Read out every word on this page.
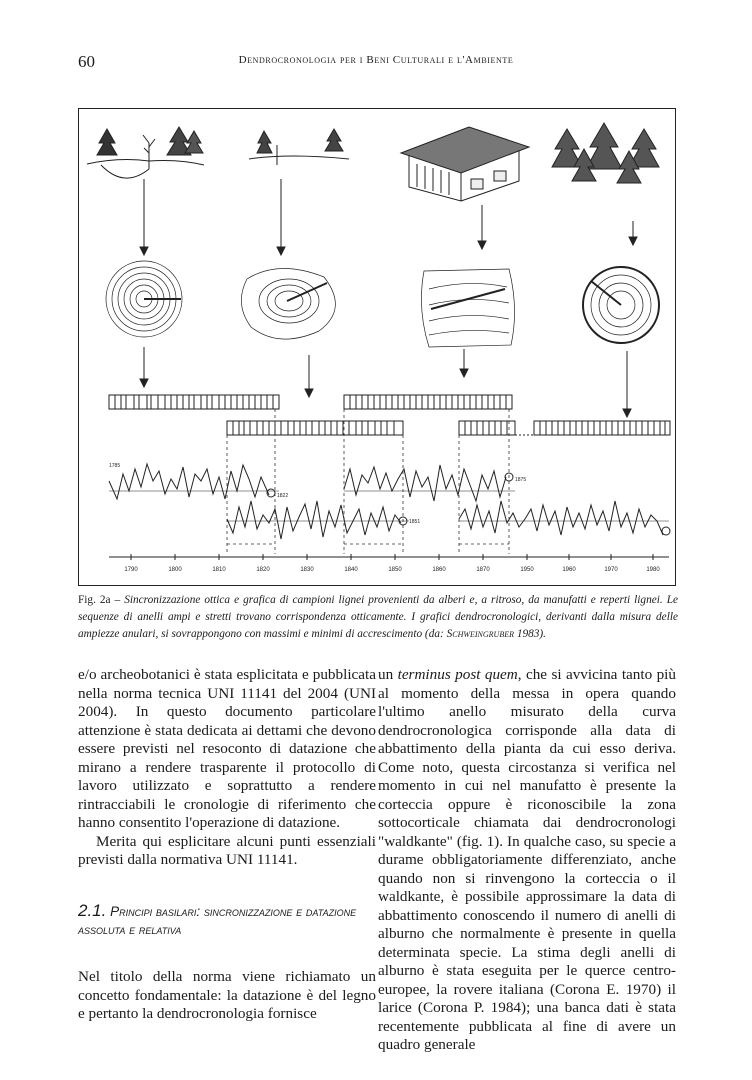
60	Dendrocronologia per i Beni Culturali e l'Ambiente
1785
1822
1851
1875
1790	1800	1810	1820	1830	1840	1850	1860	1870	1950	1960	1970	1980
Fig. 2a – Sincronizzazione ottica e grafica di campioni lignei provenienti da alberi e, a ritroso, da manufatti e reperti lignei. Le sequenze di anelli ampi e stretti trovano corrispondenza otticamente. I grafici dendrocronologici, derivanti dalla misura delle ampiezze anulari, si sovrappongono con massimi e minimi di accrescimento (da: Schweingruber 1983).

e/o archeobotanici è stata esplicitata e pubblicata nella norma tecnica UNI 11141 del 2004 (UNI 2004). In questo documento particolare attenzione è stata dedicata ai dettami che devono essere previsti nel resoconto di datazione che mirano a rendere trasparente il protocollo di lavoro utilizzato e soprattutto a rendere rintracciabili le cronologie di riferimento che hanno consentito l'operazione di datazione.

Merita qui esplicitare alcuni punti essenziali previsti dalla normativa UNI 11141.

2.1. Principi basilari: sincronizzazione e datazione assoluta e relativa
Nel titolo della norma viene richiamato un concetto fondamentale: la datazione è del legno e pertanto la dendrocronologia fornisce

un terminus post quem, che si avvicina tanto più al momento della messa in opera quando l'ultimo anello misurato della curva dendrocronologica corrisponde alla data di abbattimento della pianta da cui esso deriva. Come noto, questa circostanza si verifica nel momento in cui nel manufatto è presente la corteccia oppure è riconoscibile la zona sottocorticale chiamata dai dendrocronologi "waldkante" (fig. 1). In qualche caso, su specie a durame obbligatoriamente differenziato, anche quando non si rinvengono la corteccia o il waldkante, è possibile approssimare la data di abbattimento conoscendo il numero di anelli di alburno che normalmente è presente in quella determinata specie. La stima degli anelli di alburno è stata eseguita per le querce centro-europee, la rovere italiana (Corona E. 1970) il larice (Corona P. 1984); una banca dati è stata recentemente pubblicata al fine di avere un quadro generale
